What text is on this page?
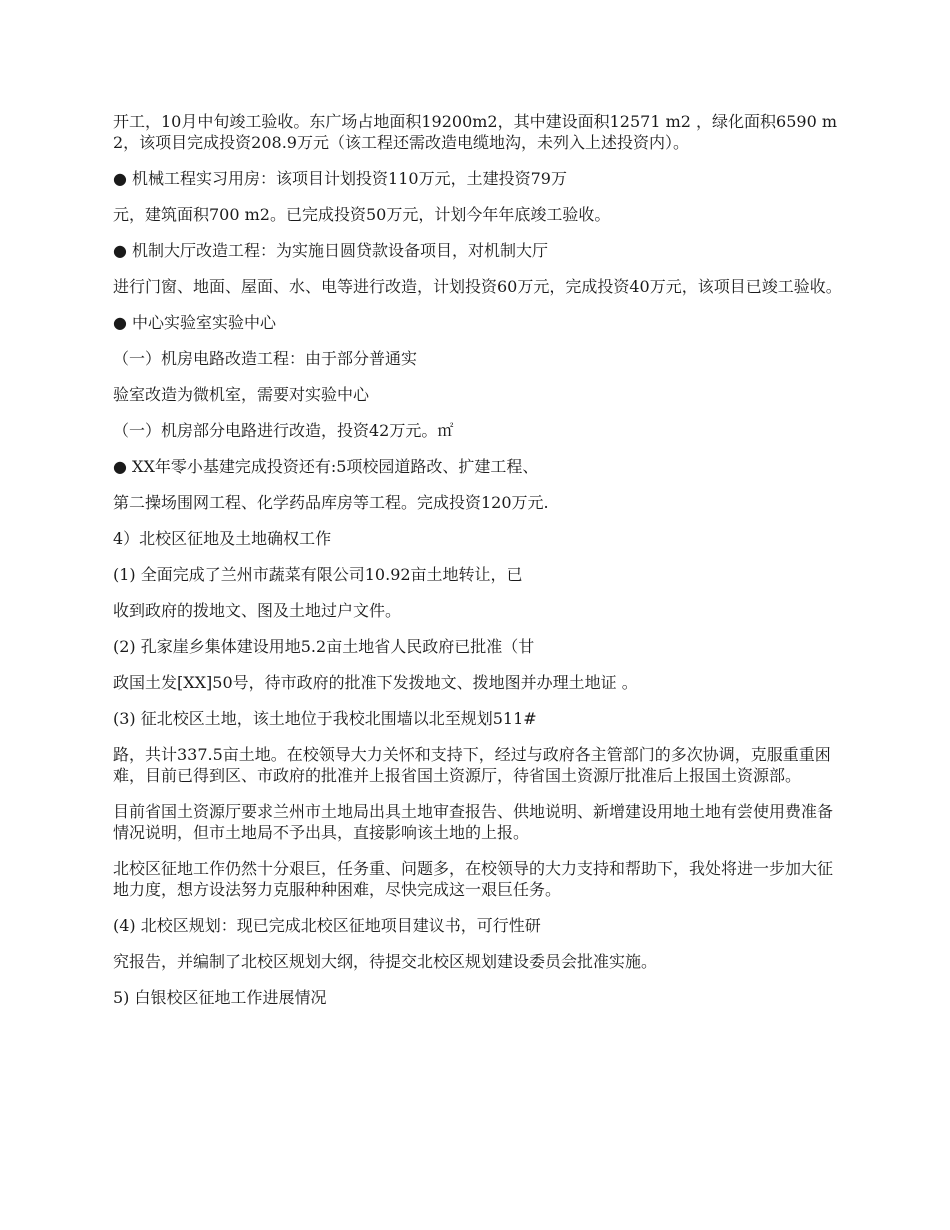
开工，10月中旬竣工验收。东广场占地面积19200m2，其中建设面积12571 m2 ，绿化面积6590 m2，该项目完成投资208.9万元（该工程还需改造电缆地沟，未列入上述投资内）。

● 机械工程实习用房：该项目计划投资110万元，土建投资79万

元，建筑面积700 m2。已完成投资50万元，计划今年年底竣工验收。

● 机制大厅改造工程：为实施日圆贷款设备项目，对机制大厅

进行门窗、地面、屋面、水、电等进行改造，计划投资60万元，完成投资40万元，该项目已竣工验收。

● 中心实验室实验中心

（一）机房电路改造工程：由于部分普通实

验室改造为微机室，需要对实验中心

（一）机房部分电路进行改造，投资42万元。㎡

● XX年零小基建完成投资还有:5项校园道路改、扩建工程、

第二操场围网工程、化学药品库房等工程。完成投资120万元.

4）北校区征地及土地确权工作

(1) 全面完成了兰州市蔬菜有限公司10.92亩土地转让，已

收到政府的拨地文、图及土地过户文件。

(2) 孔家崖乡集体建设用地5.2亩土地省人民政府已批准（甘

政国土发[XX]50号，待市政府的批准下发拨地文、拨地图并办理土地证 。

(3) 征北校区土地，该土地位于我校北围墙以北至规划511#

路，共计337.5亩土地。在校领导大力关怀和支持下，经过与政府各主管部门的多次协调，克服重重困难，目前已得到区、市政府的批准并上报省国土资源厅，待省国土资源厅批准后上报国土资源部。

目前省国土资源厅要求兰州市土地局出具土地审查报告、供地说明、新增建设用地土地有尝使用费准备情况说明，但市土地局不予出具，直接影响该土地的上报。

北校区征地工作仍然十分艰巨，任务重、问题多，在校领导的大力支持和帮助下，我处将进一步加大征地力度，想方设法努力克服种种困难，尽快完成这一艰巨任务。

(4) 北校区规划：现已完成北校区征地项目建议书，可行性研

究报告，并编制了北校区规划大纲，待提交北校区规划建设委员会批准实施。

5) 白银校区征地工作进展情况
